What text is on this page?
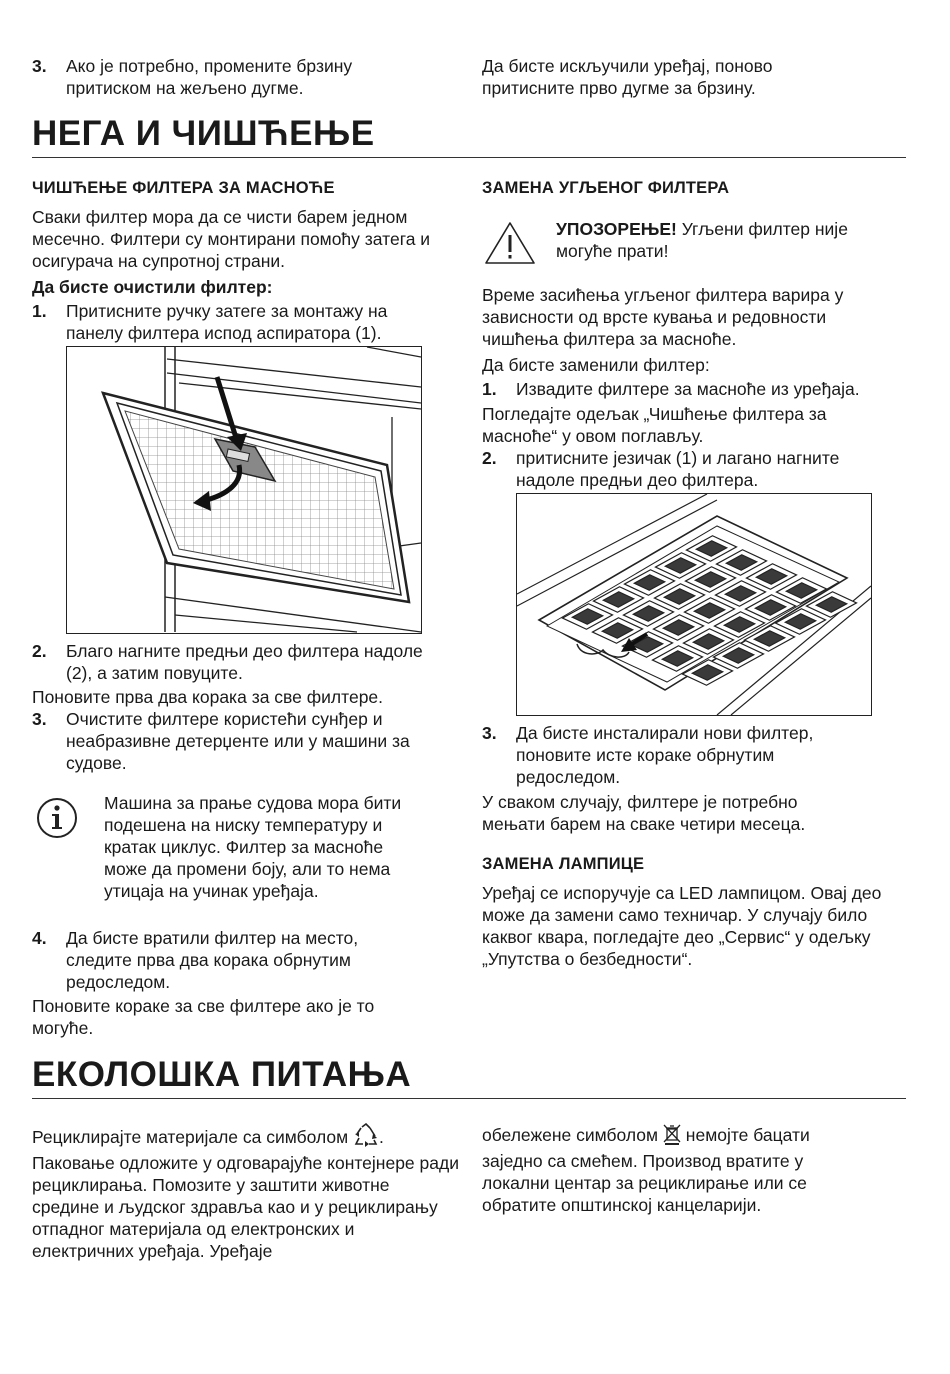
3. Ако је потребно, промените брзину притиском на жељено дугме.
Да бисте искључили уређај, поново притисните прво дугме за брзину.
НЕГА И ЧИШЋЕЊЕ
ЧИШЋЕЊЕ ФИЛТЕРА ЗА МАСНОЋЕ
Сваки филтер мора да се чисти барем једном месечно. Филтери су монтирани помоћу затега и осигурача на супротној страни.
Да бисте очистили филтер:
1. Притисните ручку затеге за монтажу на панелу филтера испод аспиратора (1).
2. Благо нагните предњи део филтера надоле (2), а затим повуците.
Поновите прва два корака за све филтере.
3. Очистите филтере користећи сунђер и неабразивне детерџенте или у машини за судове.
Машина за прање судова мора бити подешена на ниску температуру и кратак циклус. Филтер за масноће може да промени боју, али то нема утицаја на учинак уређаја.
4. Да бисте вратили филтер на место, следите прва два корака обрнутим редоследом.
Поновите кораке за све филтере ако је то могуће.
ЗАМЕНА УГЉЕНОГ ФИЛТЕРА
УПОЗОРЕЊЕ! Угљени филтер није могуће прати!
Време засићења угљеног филтера варира у зависности од врсте кувања и редовности чишћења филтера за масноће.
Да бисте заменили филтер:
1. Извадите филтере за масноће из уређаја.
Погледајте одељак „Чишћење филтера за масноће“ у овом поглављу.
2. притисните језичак (1) и лагано нагните надоле предњи део филтера.
3. Да бисте инсталирали нови филтер, поновите исте кораке обрнутим редоследом.
У сваком случају, филтере је потребно мењати барем на сваке четири месеца.
ЗАМЕНА ЛАМПИЦЕ
Уређај се испоручује са LED лампицом. Овај део може да замени само техничар. У случају било каквог квара, погледајте део „Сервис“ у одељку „Упутства о безбедности“.
ЕКОЛОШКА ПИТАЊА
Рециклирајте материјале са симболом . Паковање одложите у одговарајуће контејнере ради рециклирања. Помозите у заштити животне средине и људског здравља као и у рециклирању отпадног материјала од електронских и електричних уређаја. Уређаје
обележене симболом  немојте бацати заједно са смећем. Производ вратите у локални центар за рециклирање или се обратите општинској канцеларији.
